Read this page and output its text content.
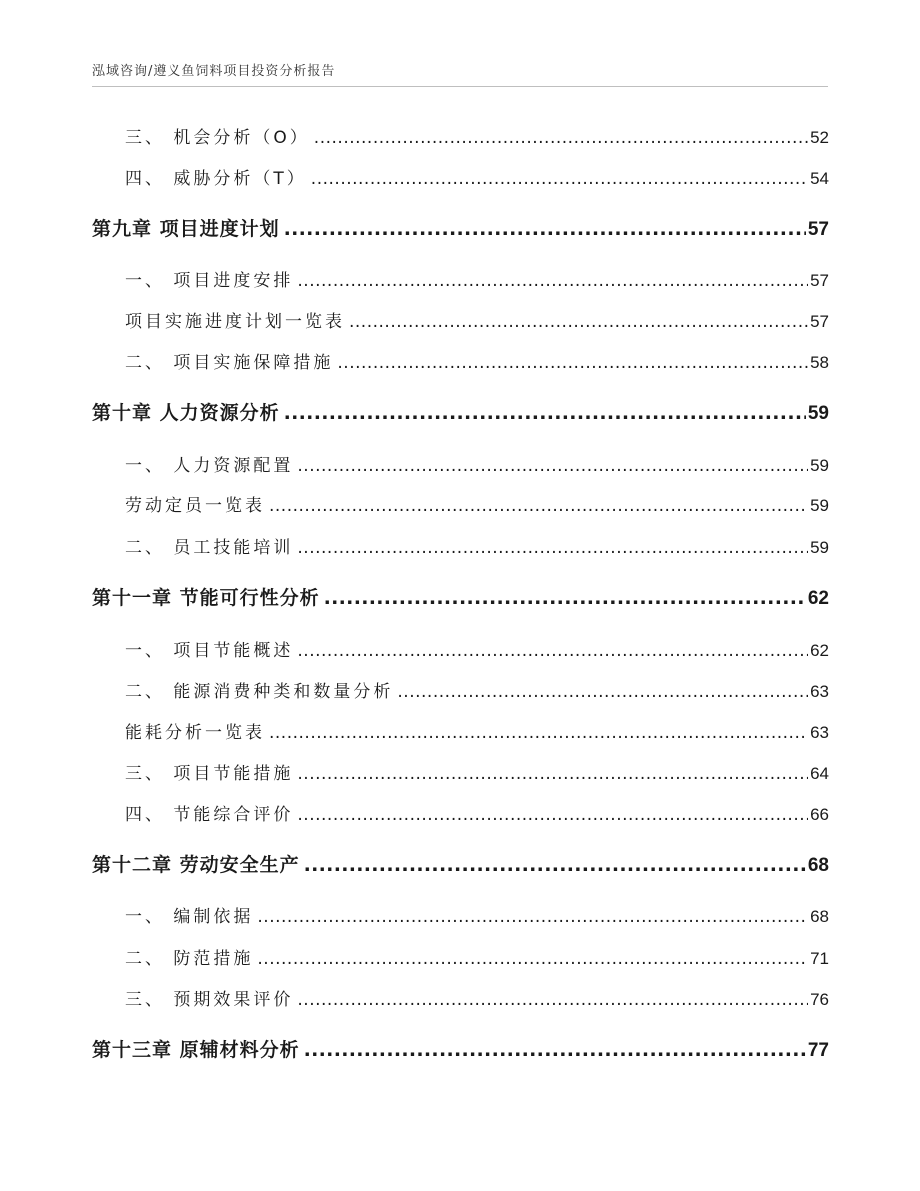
泓域咨询/遵义鱼饲料项目投资分析报告
三、 机会分析（O） .....	52
四、 威胁分析（T） .....	54
第九章 项目进度计划 .....	57
一、 项目进度安排 .....	57
项目实施进度计划一览表 .....	57
二、 项目实施保障措施 .....	58
第十章 人力资源分析 .....	59
一、 人力资源配置 .....	59
劳动定员一览表 .....	59
二、 员工技能培训 .....	59
第十一章 节能可行性分析 .....	62
一、 项目节能概述 .....	62
二、 能源消费种类和数量分析 .....	63
能耗分析一览表 .....	63
三、 项目节能措施 .....	64
四、 节能综合评价 .....	66
第十二章 劳动安全生产 .....	68
一、 编制依据 .....	68
二、 防范措施 .....	71
三、 预期效果评价 .....	76
第十三章 原辅材料分析 .....	77
